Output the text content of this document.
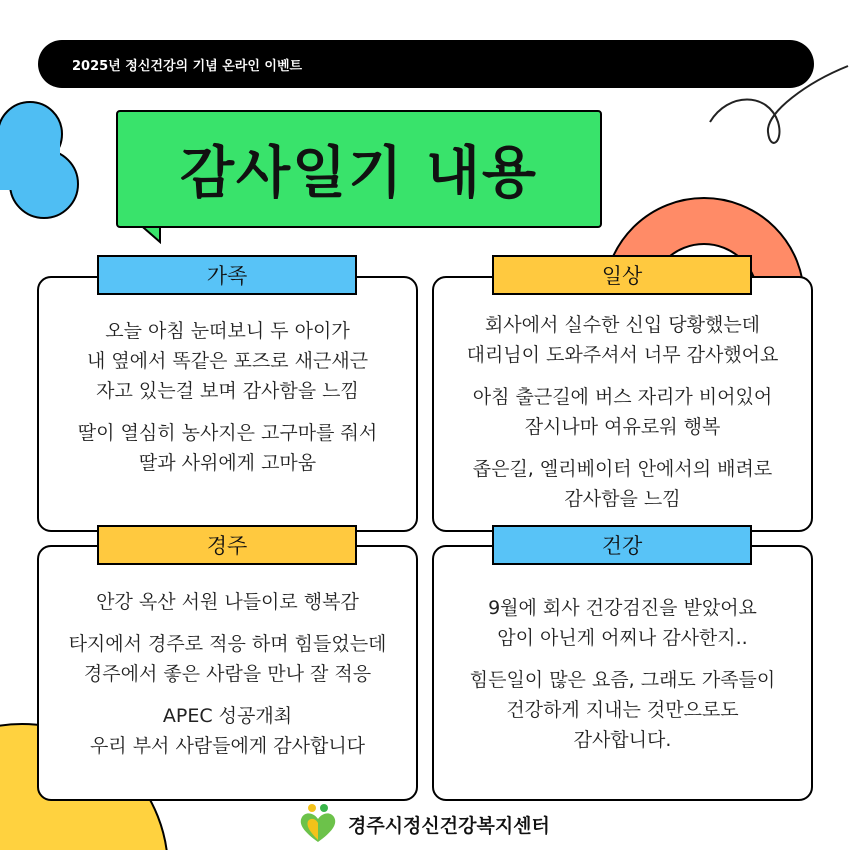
2025년 정신건강의 기념 온라인 이벤트
감사일기 내용

오늘 아침 눈떠보니 두 아이가
내 옆에서 똑같은 포즈로 새근새근
자고 있는걸 보며 감사함을 느낌

딸이 열심히 농사지은 고구마를 줘서
딸과 사위에게 고마움

가족

회사에서 실수한 신입 당황했는데
대리님이 도와주셔서 너무 감사했어요

아침 출근길에 버스 자리가 비어있어
잠시나마 여유로워 행복

좁은길, 엘리베이터 안에서의 배려로
감사함을 느낌

일상

안강 옥산 서원 나들이로 행복감

타지에서 경주로 적응 하며 힘들었는데
경주에서 좋은 사람을 만나 잘 적응

APEC 성공개최
우리 부서 사람들에게 감사합니다

경주

9월에 회사 건강검진을 받았어요
암이 아닌게 어찌나 감사한지..

힘든일이 많은 요즘, 그래도 가족들이
건강하게 지내는 것만으로도
감사합니다.

건강
경주시정신건강복지센터
